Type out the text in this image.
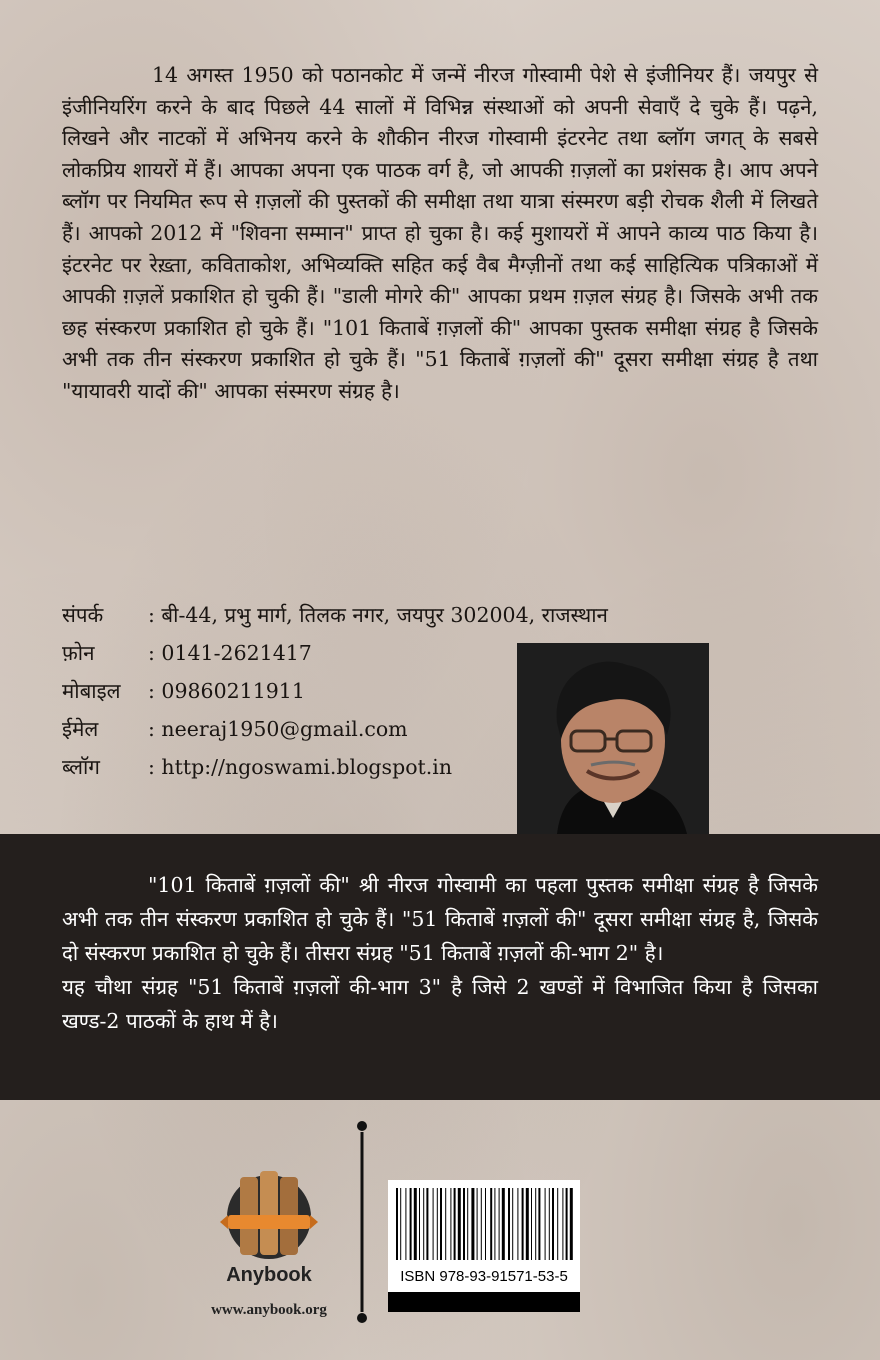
14 अगस्त 1950 को पठानकोट में जन्में नीरज गोस्वामी पेशे से इंजीनियर हैं। जयपुर से इंजीनियरिंग करने के बाद पिछले 44 सालों में विभिन्न संस्थाओं को अपनी सेवाएँ दे चुके हैं। पढ़ने, लिखने और नाटकों में अभिनय करने के शौकीन नीरज गोस्वामी इंटरनेट तथा ब्लॉग जगत् के सबसे लोकप्रिय शायरों में हैं। आपका अपना एक पाठक वर्ग है, जो आपकी ग़ज़लों का प्रशंसक है। आप अपने ब्लॉग पर नियमित रूप से ग़ज़लों की पुस्तकों की समीक्षा तथा यात्रा संस्मरण बड़ी रोचक शैली में लिखते हैं। आपको 2012 में "शिवना सम्मान" प्राप्त हो चुका है। कई मुशायरों में आपने काव्य पाठ किया है। इंटरनेट पर रेख़्ता, कविताकोश, अभिव्यक्ति सहित कई वैब मैग्ज़ीनों तथा कई साहित्यिक पत्रिकाओं में आपकी ग़ज़लें प्रकाशित हो चुकी हैं। "डाली मोगरे की" आपका प्रथम ग़ज़ल संग्रह है। जिसके अभी तक छह संस्करण प्रकाशित हो चुके हैं। "101 किताबें ग़ज़लों की" आपका पुस्तक समीक्षा संग्रह है जिसके अभी तक तीन संस्करण प्रकाशित हो चुके हैं। "51 किताबें ग़ज़लों की" दूसरा समीक्षा संग्रह है तथा "यायावरी यादों की" आपका संस्मरण संग्रह है।

संपर्क	: बी-44, प्रभु मार्ग, तिलक नगर, जयपुर 302004, राजस्थान
फ़ोन	: 0141-2621417
मोबाइल	: 09860211911
ईमेल	: neeraj1950@gmail.com
ब्लॉग	: http://ngoswami.blogspot.in
"101 किताबें ग़ज़लों की" श्री नीरज गोस्वामी का पहला पुस्तक समीक्षा संग्रह है जिसके अभी तक तीन संस्करण प्रकाशित हो चुके हैं। "51 किताबें ग़ज़लों की" दूसरा समीक्षा संग्रह है, जिसके दो संस्करण प्रकाशित हो चुके हैं। तीसरा संग्रह "51 किताबें ग़ज़लों की-भाग 2" है।
यह चौथा संग्रह "51 किताबें ग़ज़लों की-भाग 3" है जिसे 2 खण्डों में विभाजित किया है जिसका खण्ड-2 पाठकों के हाथ में है।
Anybook
www.anybook.org
ISBN 978-93-91571-53-5
